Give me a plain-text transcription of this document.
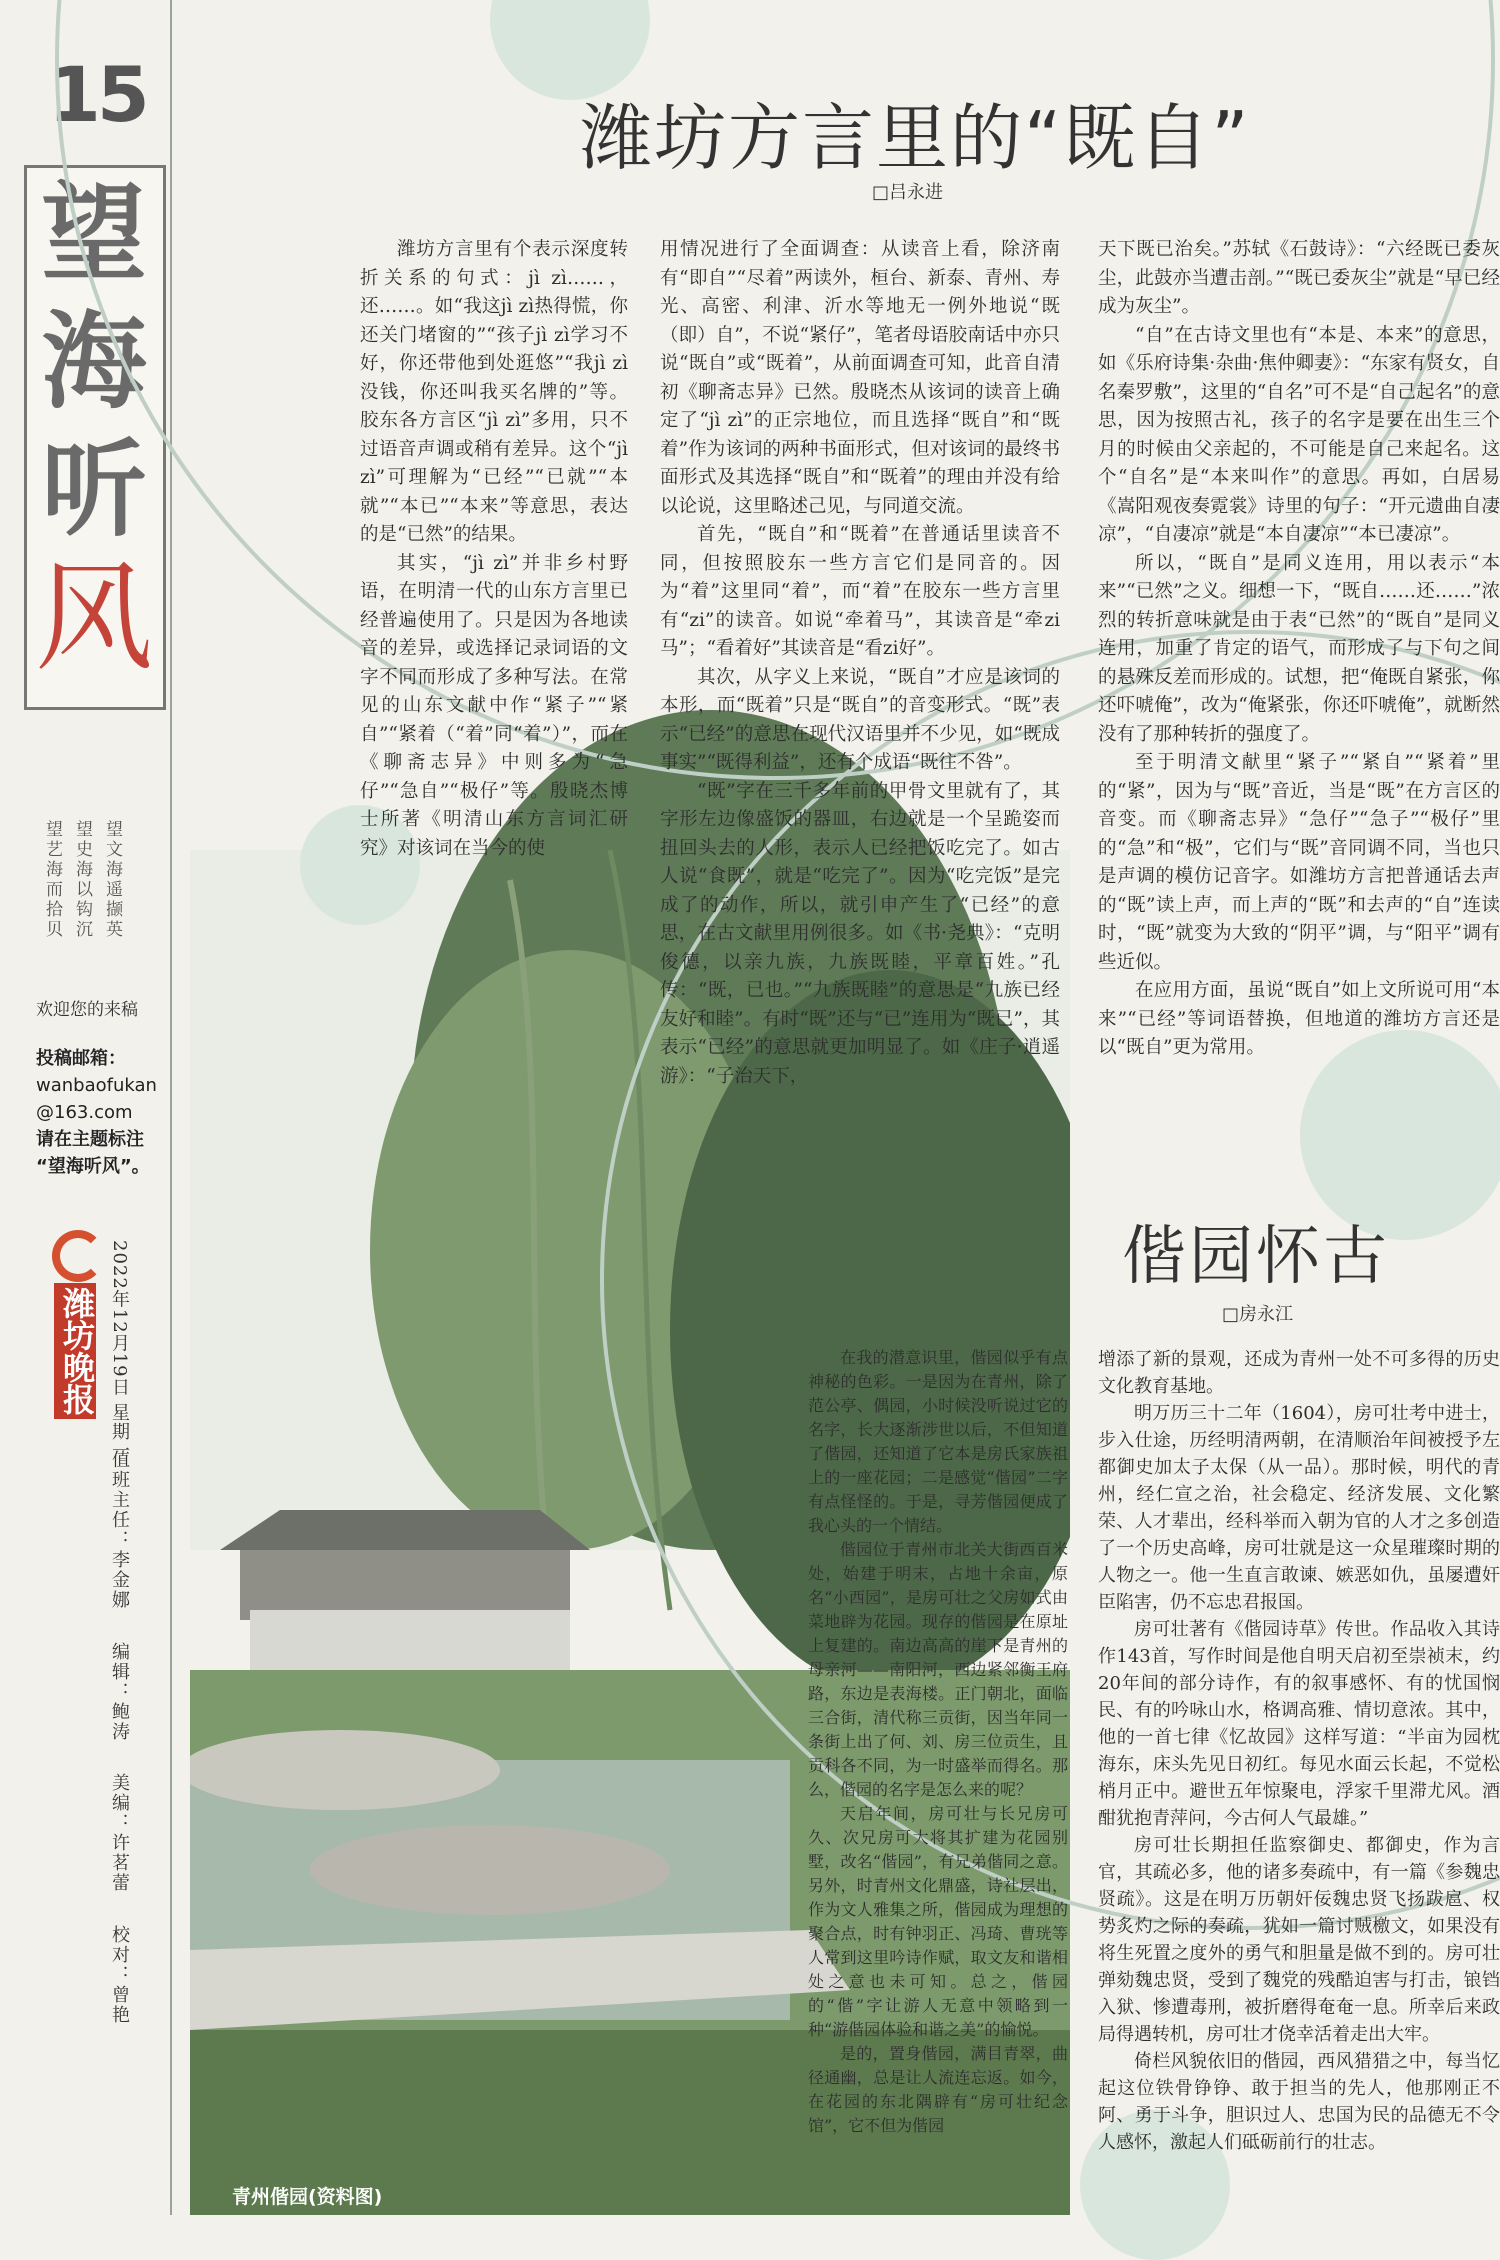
15
望
海
听
风
望文海遥撷英
望史海以钩沉
望艺海而拾贝
欢迎您的来稿
投稿邮箱：
wanbaofukan
@163.com
请在主题标注
“望海听风”。
潍坊晚报 2022年12月19日 星期一
值班主任：李金娜 编辑：鲍涛 美编：许茗蕾 校对：曾艳
青州偕园(资料图)
潍坊方言里的“既自”
□吕永进

潍坊方言里有个表示深度转折关系的句式：jì zì……，还……。如“我这jì zì热得慌，你还关门堵窗的”“孩子jì zì学习不好，你还带他到处逛悠”“我jì zì没钱，你还叫我买名牌的”等。胶东各方言区“jì zì”多用，只不过语音声调或稍有差异。这个“jì zì”可理解为“已经”“已就”“本就”“本已”“本来”等意思，表达的是“已然”的结果。

其实，“jì zì”并非乡村野语，在明清一代的山东方言里已经普遍使用了。只是因为各地读音的差异，或选择记录词语的文字不同而形成了多种写法。在常见的山东文献中作“紧子”“紧自”“紧着（“着”同“着”）”，而在《聊斋志异》中则多为“急仔”“急自”“极仔”等。殷晓杰博士所著《明清山东方言词汇研究》对该词在当今的使

用情况进行了全面调查：从读音上看，除济南有“即自”“尽着”两读外，桓台、新泰、青州、寿光、高密、利津、沂水等地无一例外地说“既（即）自”，不说“紧仔”，笔者母语胶南话中亦只说“既自”或“既着”，从前面调查可知，此音自清初《聊斋志异》已然。殷晓杰从该词的读音上确定了“jì zì”的正宗地位，而且选择“既自”和“既着”作为该词的两种书面形式，但对该词的最终书面形式及其选择“既自”和“既着”的理由并没有给以论说，这里略述己见，与同道交流。

首先，“既自”和“既着”在普通话里读音不同，但按照胶东一些方言它们是同音的。因为“着”这里同“着”，而“着”在胶东一些方言里有“zi”的读音。如说“牵着马”，其读音是“牵zi马”；“看着好”其读音是“看zi好”。

其次，从字义上来说，“既自”才应是该词的本形，而“既着”只是“既自”的音变形式。“既”表示“已经”的意思在现代汉语里并不少见，如“既成事实”“既得利益”，还有个成语“既往不咎”。

“既”字在三千多年前的甲骨文里就有了，其字形左边像盛饭的器皿，右边就是一个呈跪姿而扭回头去的人形，表示人已经把饭吃完了。如古人说“食既”，就是“吃完了”。因为“吃完饭”是完成了的动作，所以，就引申产生了“已经”的意思，在古文献里用例很多。如《书·尧典》：“克明俊德，以亲九族，九族既睦，平章百姓。”孔传：“既，已也。”“九族既睦”的意思是“九族已经友好和睦”。有时“既”还与“已”连用为“既已”，其表示“已经”的意思就更加明显了。如《庄子·逍遥游》：“子治天下，

天下既已治矣。”苏轼《石鼓诗》：“六经既已委灰尘，此鼓亦当遭击剖。”“既已委灰尘”就是“早已经成为灰尘”。

“自”在古诗文里也有“本是、本来”的意思，如《乐府诗集·杂曲·焦仲卿妻》：“东家有贤女，自名秦罗敷”，这里的“自名”可不是“自己起名”的意思，因为按照古礼，孩子的名字是要在出生三个月的时候由父亲起的，不可能是自己来起名。这个“自名”是“本来叫作”的意思。再如，白居易《嵩阳观夜奏霓裳》诗里的句子：“开元遗曲自凄凉”，“自凄凉”就是“本自凄凉”“本已凄凉”。

所以，“既自”是同义连用，用以表示“本来”“已然”之义。细想一下，“既自……还……”浓烈的转折意味就是由于表“已然”的“既自”是同义连用，加重了肯定的语气，而形成了与下句之间的悬殊反差而形成的。试想，把“俺既自紧张，你还吓唬俺”，改为“俺紧张，你还吓唬俺”，就断然没有了那种转折的强度了。

至于明清文献里“紧子”“紧自”“紧着”里的“紧”，因为与“既”音近，当是“既”在方言区的音变。而《聊斋志异》“急仔”“急子”“极仔”里的“急”和“极”，它们与“既”音同调不同，当也只是声调的模仿记音字。如潍坊方言把普通话去声的“既”读上声，而上声的“既”和去声的“自”连读时，“既”就变为大致的“阴平”调，与“阳平”调有些近似。

在应用方面，虽说“既自”如上文所说可用“本来”“已经”等词语替换，但地道的潍坊方言还是以“既自”更为常用。

偕园怀古
□房永江

在我的潜意识里，偕园似乎有点神秘的色彩。一是因为在青州，除了范公亭、偶园，小时候没听说过它的名字，长大逐渐涉世以后，不但知道了偕园，还知道了它本是房氏家族祖上的一座花园；二是感觉“偕园”二字有点怪怪的。于是，寻芳偕园便成了我心头的一个情结。

偕园位于青州市北关大街西百米处，始建于明末，占地十余亩，原名“小西园”，是房可壮之父房如式由菜地辟为花园。现存的偕园是在原址上复建的。南边高高的崖下是青州的母亲河——南阳河，西边紧邻衡王府路，东边是表海楼。正门朝北，面临三合街，清代称三贡街，因当年同一条街上出了何、刘、房三位贡生，且贡科各不同，为一时盛举而得名。那么，偕园的名字是怎么来的呢？

天启年间，房可壮与长兄房可久、次兄房可大将其扩建为花园别墅，改名“偕园”，有兄弟偕同之意。另外，时青州文化鼎盛，诗社层出，作为文人雅集之所，偕园成为理想的聚合点，时有钟羽正、冯琦、曹珖等人常到这里吟诗作赋，取文友和谐相处之意也未可知。总之，偕园的“偕”字让游人无意中领略到一种“游偕园体验和谐之美”的愉悦。

是的，置身偕园，满目青翠，曲径通幽，总是让人流连忘返。如今，在花园的东北隅辟有“房可壮纪念馆”，它不但为偕园

增添了新的景观，还成为青州一处不可多得的历史文化教育基地。

明万历三十二年（1604），房可壮考中进士，步入仕途，历经明清两朝，在清顺治年间被授予左都御史加太子太保（从一品）。那时候，明代的青州，经仁宣之治，社会稳定、经济发展、文化繁荣、人才辈出，经科举而入朝为官的人才之多创造了一个历史高峰，房可壮就是这一众星璀璨时期的人物之一。他一生直言敢谏、嫉恶如仇，虽屡遭奸臣陷害，仍不忘忠君报国。

房可壮著有《偕园诗草》传世。作品收入其诗作143首，写作时间是他自明天启初至崇祯末，约20年间的部分诗作，有的叙事感怀、有的忧国悯民、有的吟咏山水，格调高雅、情切意浓。其中，他的一首七律《忆故园》这样写道：“半亩为园枕海东，床头先见日初红。每见水面云长起，不觉松梢月正中。避世五年惊聚电，浮家千里滞尤风。酒酣犹抱青萍问，今古何人气最雄。”

房可壮长期担任监察御史、都御史，作为言官，其疏必多，他的诸多奏疏中，有一篇《参魏忠贤疏》。这是在明万历朝奸佞魏忠贤飞扬跋扈、权势炙灼之际的奏疏，犹如一篇讨贼檄文，如果没有将生死置之度外的勇气和胆量是做不到的。房可壮弹劾魏忠贤，受到了魏党的残酷迫害与打击，锒铛入狱、惨遭毒刑，被折磨得奄奄一息。所幸后来政局得遇转机，房可壮才侥幸活着走出大牢。

倚栏风貌依旧的偕园，西风猎猎之中，每当忆起这位铁骨铮铮、敢于担当的先人，他那刚正不阿、勇于斗争，胆识过人、忠国为民的品德无不令人感怀，激起人们砥砺前行的壮志。
